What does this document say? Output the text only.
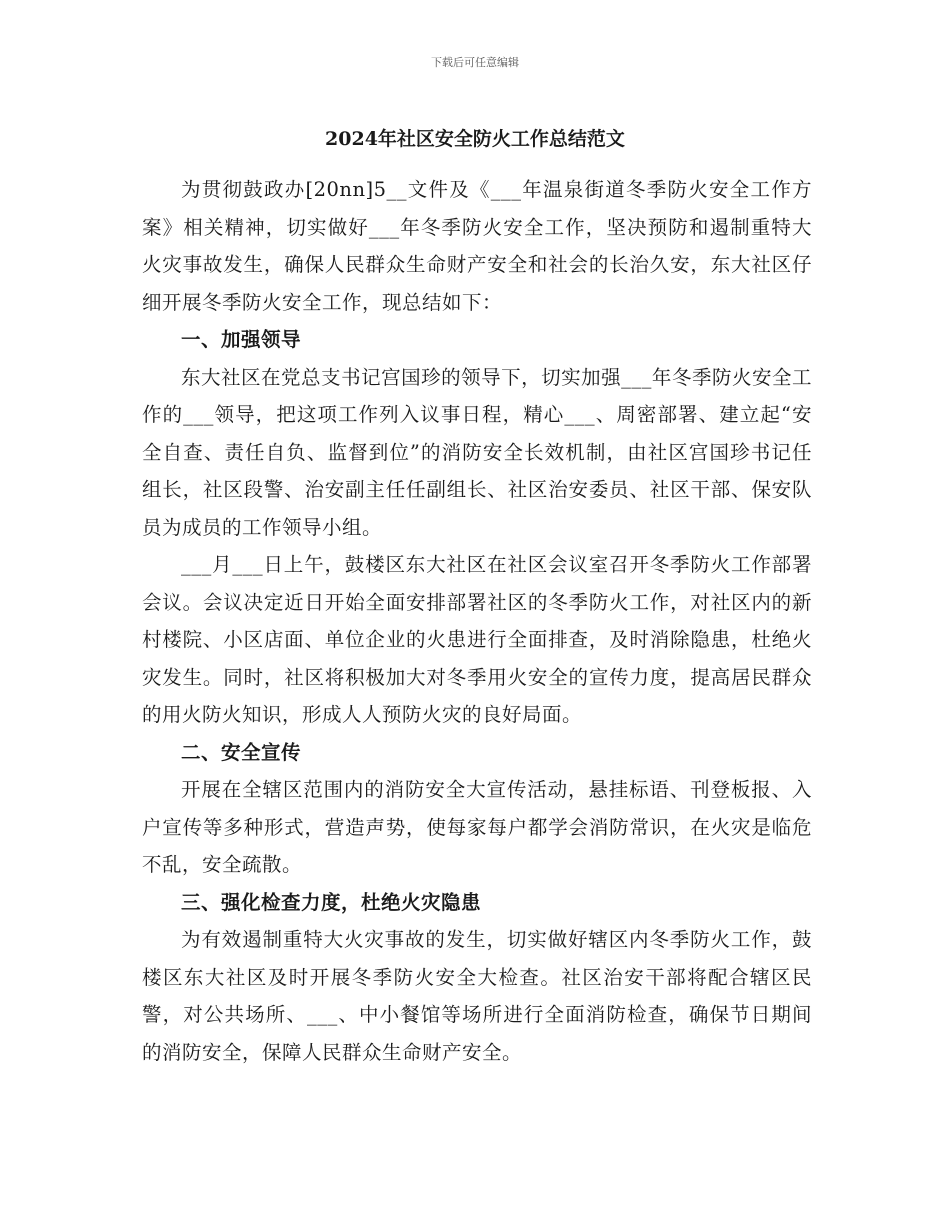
下载后可任意编辑
2024年社区安全防火工作总结范文

为贯彻鼓政办[20nn]5__文件及《___年温泉街道冬季防火安全工作方案》相关精神，切实做好___年冬季防火安全工作，坚决预防和遏制重特大火灾事故发生，确保人民群众生命财产安全和社会的长治久安，东大社区仔细开展冬季防火安全工作，现总结如下：

一、加强领导

东大社区在党总支书记宫国珍的领导下，切实加强___年冬季防火安全工作的___领导，把这项工作列入议事日程，精心___、周密部署、建立起“安全自查、责任自负、监督到位”的消防安全长效机制，由社区宫国珍书记任组长，社区段警、治安副主任任副组长、社区治安委员、社区干部、保安队员为成员的工作领导小组。

___月___日上午，鼓楼区东大社区在社区会议室召开冬季防火工作部署会议。会议决定近日开始全面安排部署社区的冬季防火工作，对社区内的新村楼院、小区店面、单位企业的火患进行全面排查，及时消除隐患，杜绝火灾发生。同时，社区将积极加大对冬季用火安全的宣传力度，提高居民群众的用火防火知识，形成人人预防火灾的良好局面。

二、安全宣传

开展在全辖区范围内的消防安全大宣传活动，悬挂标语、刊登板报、入户宣传等多种形式，营造声势，使每家每户都学会消防常识，在火灾是临危不乱，安全疏散。

三、强化检查力度，杜绝火灾隐患

为有效遏制重特大火灾事故的发生，切实做好辖区内冬季防火工作，鼓楼区东大社区及时开展冬季防火安全大检查。社区治安干部将配合辖区民警，对公共场所、___、中小餐馆等场所进行全面消防检查，确保节日期间的消防安全，保障人民群众生命财产安全。
